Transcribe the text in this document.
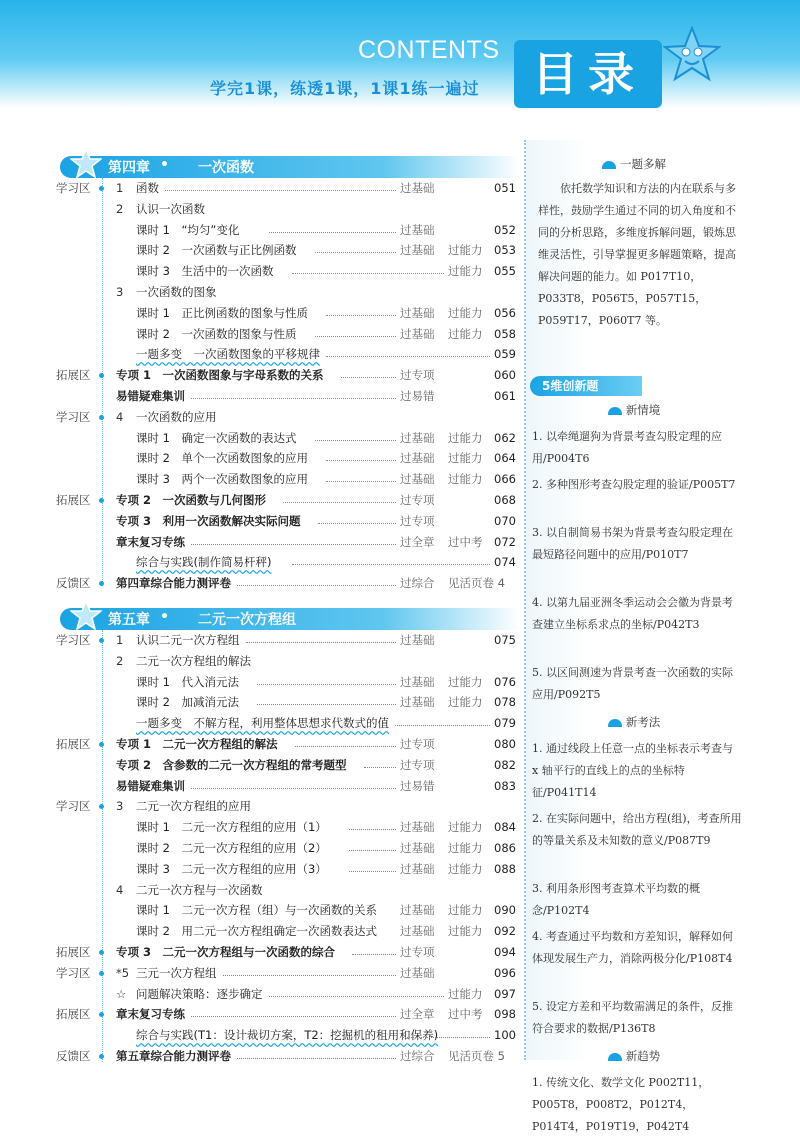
CONTENTS
学完1课，练透1课，1课1练一遍过	目录
第四章 • 一次函数
学习区 1 函数	过基础	051
2 认识一次函数
课时 1　“均匀”变化	过基础	052
课时 2　一次函数与正比例函数	过基础 过能力 053
课时 3　生活中的一次函数	过能力 055
3 一次函数的图象
课时 1　正比例函数的图象与性质	过基础 过能力 056
课时 2　一次函数的图象与性质	过基础 过能力 058
一题多变　一次函数图象的平移规律	059
拓展区 专项 1　一次函数图象与字母系数的关系	过专项	060
易错疑难集训	过易错	061
学习区 4 一次函数的应用
课时 1　确定一次函数的表达式	过基础 过能力 062
课时 2　单个一次函数图象的应用	过基础 过能力 064
课时 3　两个一次函数图象的应用	过基础 过能力 066
拓展区 专项 2　一次函数与几何图形	过专项	068
专项 3　利用一次函数解决实际问题	过专项	070
章末复习专练	过全章 过中考 072
综合与实践(制作简易杆秤)	074
反馈区 第四章综合能力测评卷	过综合 见活页卷 4
第五章 • 二元一次方程组
学习区 1 认识二元一次方程组	过基础	075
2 二元一次方程组的解法
课时 1　代入消元法	过基础 过能力 076
课时 2　加减消元法	过基础 过能力 078
一题多变　不解方程，利用整体思想求代数式的值	079
拓展区 专项 1　二元一次方程组的解法	过专项	080
专项 2　含参数的二元一次方程组的常考题型	过专项	082
易错疑难集训	过易错	083
学习区 3 二元一次方程组的应用
课时 1　二元一次方程组的应用（1）	过基础 过能力 084
课时 2　二元一次方程组的应用（2）	过基础 过能力 086
课时 3　二元一次方程组的应用（3）	过基础 过能力 088
4 二元一次方程与一次函数
课时 1　二元一次方程（组）与一次函数的关系 过基础 过能力 090
课时 2　用二元一次方程组确定一次函数表达式 过基础 过能力 092
拓展区 专项 3　二元一次方程组与一次函数的综合	过专项	094
学习区 *5 三元一次方程组	过基础	096
☆ 问题解决策略：逐步确定	过能力 097
拓展区 章末复习专练	过全章 过中考 098
综合与实践(T1：设计裁切方案，T2：挖掘机的租用和保养)	100
反馈区 第五章综合能力测评卷	过综合 见活页卷 5
一题多解
依托数学知识和方法的内在联系与多样性，鼓励学生通过不同的切入角度和不同的分析思路，多维度拆解问题，锻炼思维灵活性，引导掌握更多解题策略，提高解决问题的能力。如 P017T10，P033T8，P056T5，P057T15，P059T17，P060T7 等。
5维创新题
新情境
1. 以牵绳遛狗为背景考查勾股定理的应用/P004T6
2. 多种图形考查勾股定理的验证/P005T7
3. 以自制简易书架为背景考查勾股定理在最短路径问题中的应用/P010T7
4. 以第九届亚洲冬季运动会会徽为背景考查建立坐标系求点的坐标/P042T3
5. 以区间测速为背景考查一次函数的实际应用/P092T5
新考法
1. 通过线段上任意一点的坐标表示考查与 x 轴平行的直线上的点的坐标特征/P041T14
2. 在实际问题中，给出方程(组)，考查所用的等量关系及未知数的意义/P087T9
3. 利用条形图考查算术平均数的概念/P102T4
4. 考查通过平均数和方差知识，解释如何体现发展生产力，消除两极分化/P108T4
5. 设定方差和平均数需满足的条件，反推符合要求的数据/P136T8
新趋势
1. 传统文化、数学文化 P002T11，P005T8，P008T2，P012T4，P014T4，P019T19，P042T4
